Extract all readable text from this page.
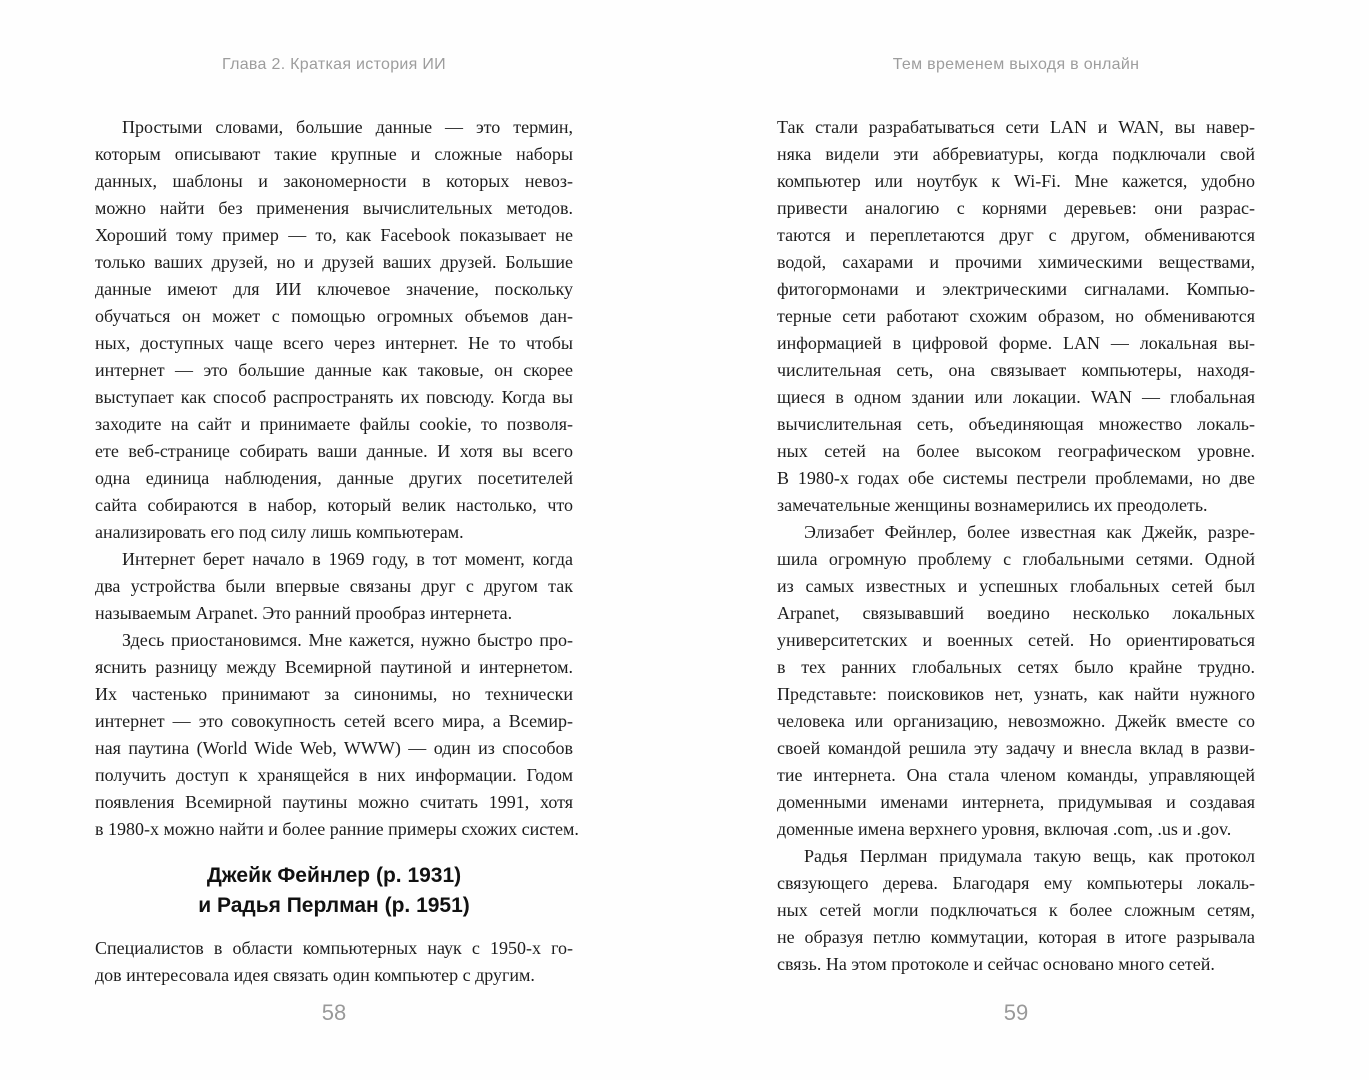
Глава 2. Краткая история ИИ
Простыми словами, большие данные — это термин,
которым описывают такие крупные и сложные наборы
данных, шаблоны и закономерности в которых невоз-
можно найти без применения вычислительных методов.
Хороший тому пример — то, как Facebook показывает не
только ваших друзей, но и друзей ваших друзей. Большие
данные имеют для ИИ ключевое значение, поскольку
обучаться он может с помощью огромных объемов дан-
ных, доступных чаще всего через интернет. Не то чтобы
интернет — это большие данные как таковые, он скорее
выступает как способ распространять их повсюду. Когда вы
заходите на сайт и принимаете файлы cookie, то позволя-
ете веб-странице собирать ваши данные. И хотя вы всего
одна единица наблюдения, данные других посетителей
сайта собираются в набор, который велик настолько, что
анализировать его под силу лишь компьютерам.
Интернет берет начало в 1969 году, в тот момент, когда
два устройства были впервые связаны друг с другом так
называемым Arpanet. Это ранний прообраз интернета.
Здесь приостановимся. Мне кажется, нужно быстро про-
яснить разницу между Всемирной паутиной и интернетом.
Их частенько принимают за синонимы, но технически
интернет — это совокупность сетей всего мира, а Всемир-
ная паутина (World Wide Web, WWW) — один из способов
получить доступ к хранящейся в них информации. Годом
появления Всемирной паутины можно считать 1991, хотя
в 1980-х можно найти и более ранние примеры схожих систем.
Джейк Фейнлер (р. 1931)
и Радья Перлман (р. 1951)
Специалистов в области компьютерных наук с 1950-х го-
дов интересовала идея связать один компьютер с другим.
58
Тем временем выходя в онлайн
Так стали разрабатываться сети LAN и WAN, вы навер-
няка видели эти аббревиатуры, когда подключали свой
компьютер или ноутбук к Wi-Fi. Мне кажется, удобно
привести аналогию с корнями деревьев: они разрас-
таются и переплетаются друг с другом, обмениваются
водой, сахарами и прочими химическими веществами,
фитогормонами и электрическими сигналами. Компью-
терные сети работают схожим образом, но обмениваются
информацией в цифровой форме. LAN — локальная вы-
числительная сеть, она связывает компьютеры, находя-
щиеся в одном здании или локации. WAN — глобальная
вычислительная сеть, объединяющая множество локаль-
ных сетей на более высоком географическом уровне.
В 1980-х годах обе системы пестрели проблемами, но две
замечательные женщины вознамерились их преодолеть.
Элизабет Фейнлер, более известная как Джейк, разре-
шила огромную проблему с глобальными сетями. Одной
из самых известных и успешных глобальных сетей был
Arpanet, связывавший воедино несколько локальных
университетских и военных сетей. Но ориентироваться
в тех ранних глобальных сетях было крайне трудно.
Представьте: поисковиков нет, узнать, как найти нужного
человека или организацию, невозможно. Джейк вместе со
своей командой решила эту задачу и внесла вклад в разви-
тие интернета. Она стала членом команды, управляющей
доменными именами интернета, придумывая и создавая
доменные имена верхнего уровня, включая .com, .us и .gov.
Радья Перлман придумала такую вещь, как протокол
связующего дерева. Благодаря ему компьютеры локаль-
ных сетей могли подключаться к более сложным сетям,
не образуя петлю коммутации, которая в итоге разрывала
связь. На этом протоколе и сейчас основано много сетей.
59
